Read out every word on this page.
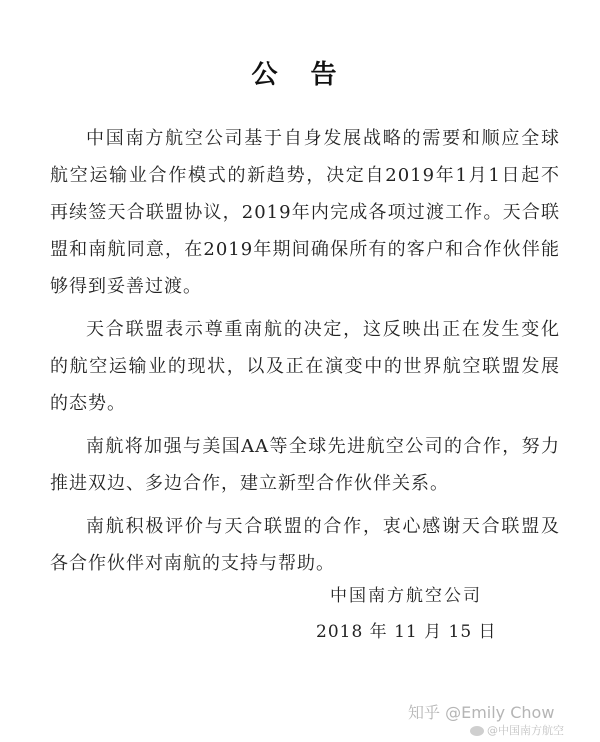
公 告

中国南方航空公司基于自身发展战略的需要和顺应全球航空运输业合作模式的新趋势，决定自2019年1月1日起不再续签天合联盟协议，2019年内完成各项过渡工作。天合联盟和南航同意，在2019年期间确保所有的客户和合作伙伴能够得到妥善过渡。

天合联盟表示尊重南航的决定，这反映出正在发生变化的航空运输业的现状，以及正在演变中的世界航空联盟发展的态势。

南航将加强与美国AA等全球先进航空公司的合作，努力推进双边、多边合作，建立新型合作伙伴关系。

南航积极评价与天合联盟的合作，衷心感谢天合联盟及各合作伙伴对南航的支持与帮助。

中国南方航空公司
2018 年 11 月 15 日
知乎 @Emily Chow
@中国南方航空
